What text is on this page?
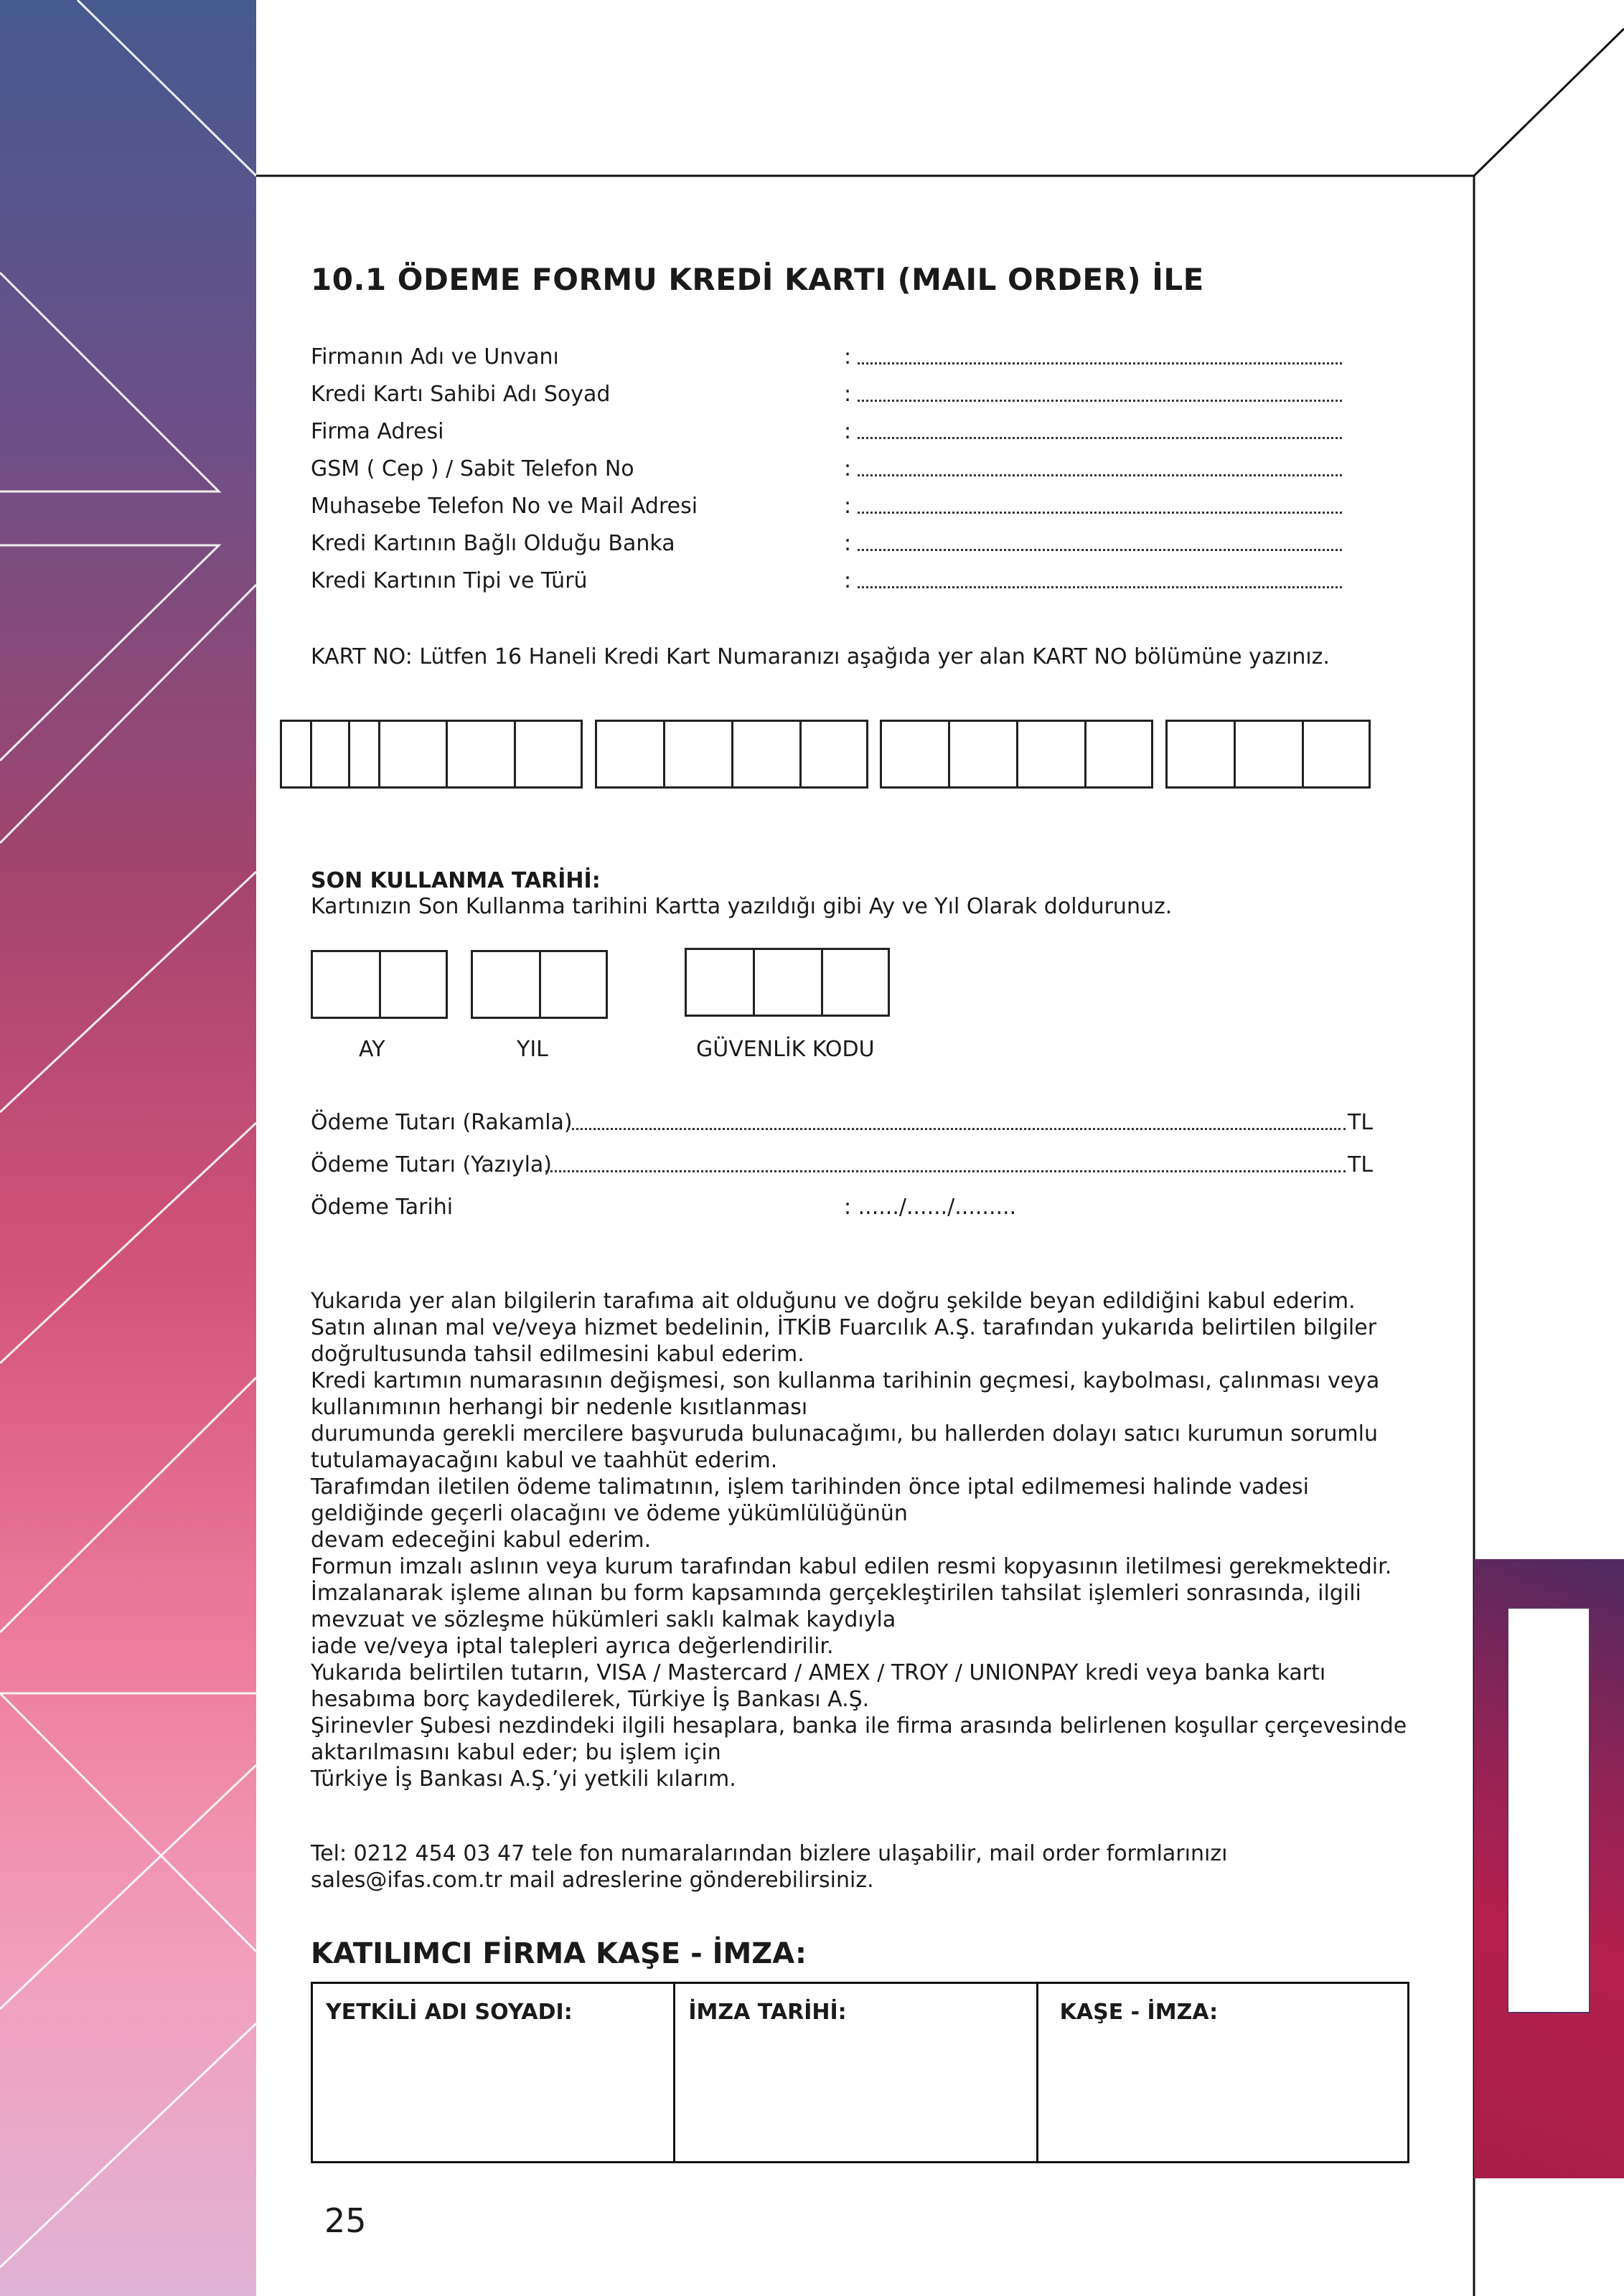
10.1 ÖDEME FORMU KREDİ KARTI (MAIL ORDER) İLE
Firmanın Adı ve Unvanı	:
Kredi Kartı Sahibi Adı Soyad	:
Firma Adresi	:
GSM ( Cep ) / Sabit Telefon No	:
Muhasebe Telefon No ve Mail Adresi	:
Kredi Kartının Bağlı Olduğu Banka	:
Kredi Kartının Tipi ve Türü	:
KART NO: Lütfen 16 Haneli Kredi Kart Numaranızı aşağıda yer alan KART NO bölümüne yazınız.
SON KULLANMA TARİHİ:
Kartınızın Son Kullanma tarihini Kartta yazıldığı gibi Ay ve Yıl Olarak doldurunuz.
AY	YIL	GÜVENLİK KODU
Ödeme Tutarı (Rakamla)	TL
Ödeme Tutarı (Yazıyla)	TL
Ödeme Tarihi	: ....../....../.........
Yukarıda yer alan bilgilerin tarafıma ait olduğunu ve doğru şekilde beyan edildiğini kabul ederim.
Satın alınan mal ve/veya hizmet bedelinin, İTKİB Fuarcılık A.Ş. tarafından yukarıda belirtilen bilgiler
doğrultusunda tahsil edilmesini kabul ederim.
Kredi kartımın numarasının değişmesi, son kullanma tarihinin geçmesi, kaybolması, çalınması veya
kullanımının herhangi bir nedenle kısıtlanması
durumunda gerekli mercilere başvuruda bulunacağımı, bu hallerden dolayı satıcı kurumun sorumlu
tutulamayacağını kabul ve taahhüt ederim.
Tarafımdan iletilen ödeme talimatının, işlem tarihinden önce iptal edilmemesi halinde vadesi
geldiğinde geçerli olacağını ve ödeme yükümlülüğünün
devam edeceğini kabul ederim.
Formun imzalı aslının veya kurum tarafından kabul edilen resmi kopyasının iletilmesi gerekmektedir.
İmzalanarak işleme alınan bu form kapsamında gerçekleştirilen tahsilat işlemleri sonrasında, ilgili
mevzuat ve sözleşme hükümleri saklı kalmak kaydıyla
iade ve/veya iptal talepleri ayrıca değerlendirilir.
Yukarıda belirtilen tutarın, VISA / Mastercard / AMEX / TROY / UNIONPAY kredi veya banka kartı
hesabıma borç kaydedilerek, Türkiye İş Bankası A.Ş.
Şirinevler Şubesi nezdindeki ilgili hesaplara, banka ile firma arasında belirlenen koşullar çerçevesinde
aktarılmasını kabul eder; bu işlem için
Türkiye İş Bankası A.Ş.’yi yetkili kılarım.
Tel: 0212 454 03 47 tele fon numaralarından bizlere ulaşabilir, mail order formlarınızı
sales@ifas.com.tr mail adreslerine gönderebilirsiniz.
KATILIMCI FİRMA KAŞE - İMZA:
YETKİLİ ADI SOYADI:	İMZA TARİHİ:	KAŞE - İMZA:
25
